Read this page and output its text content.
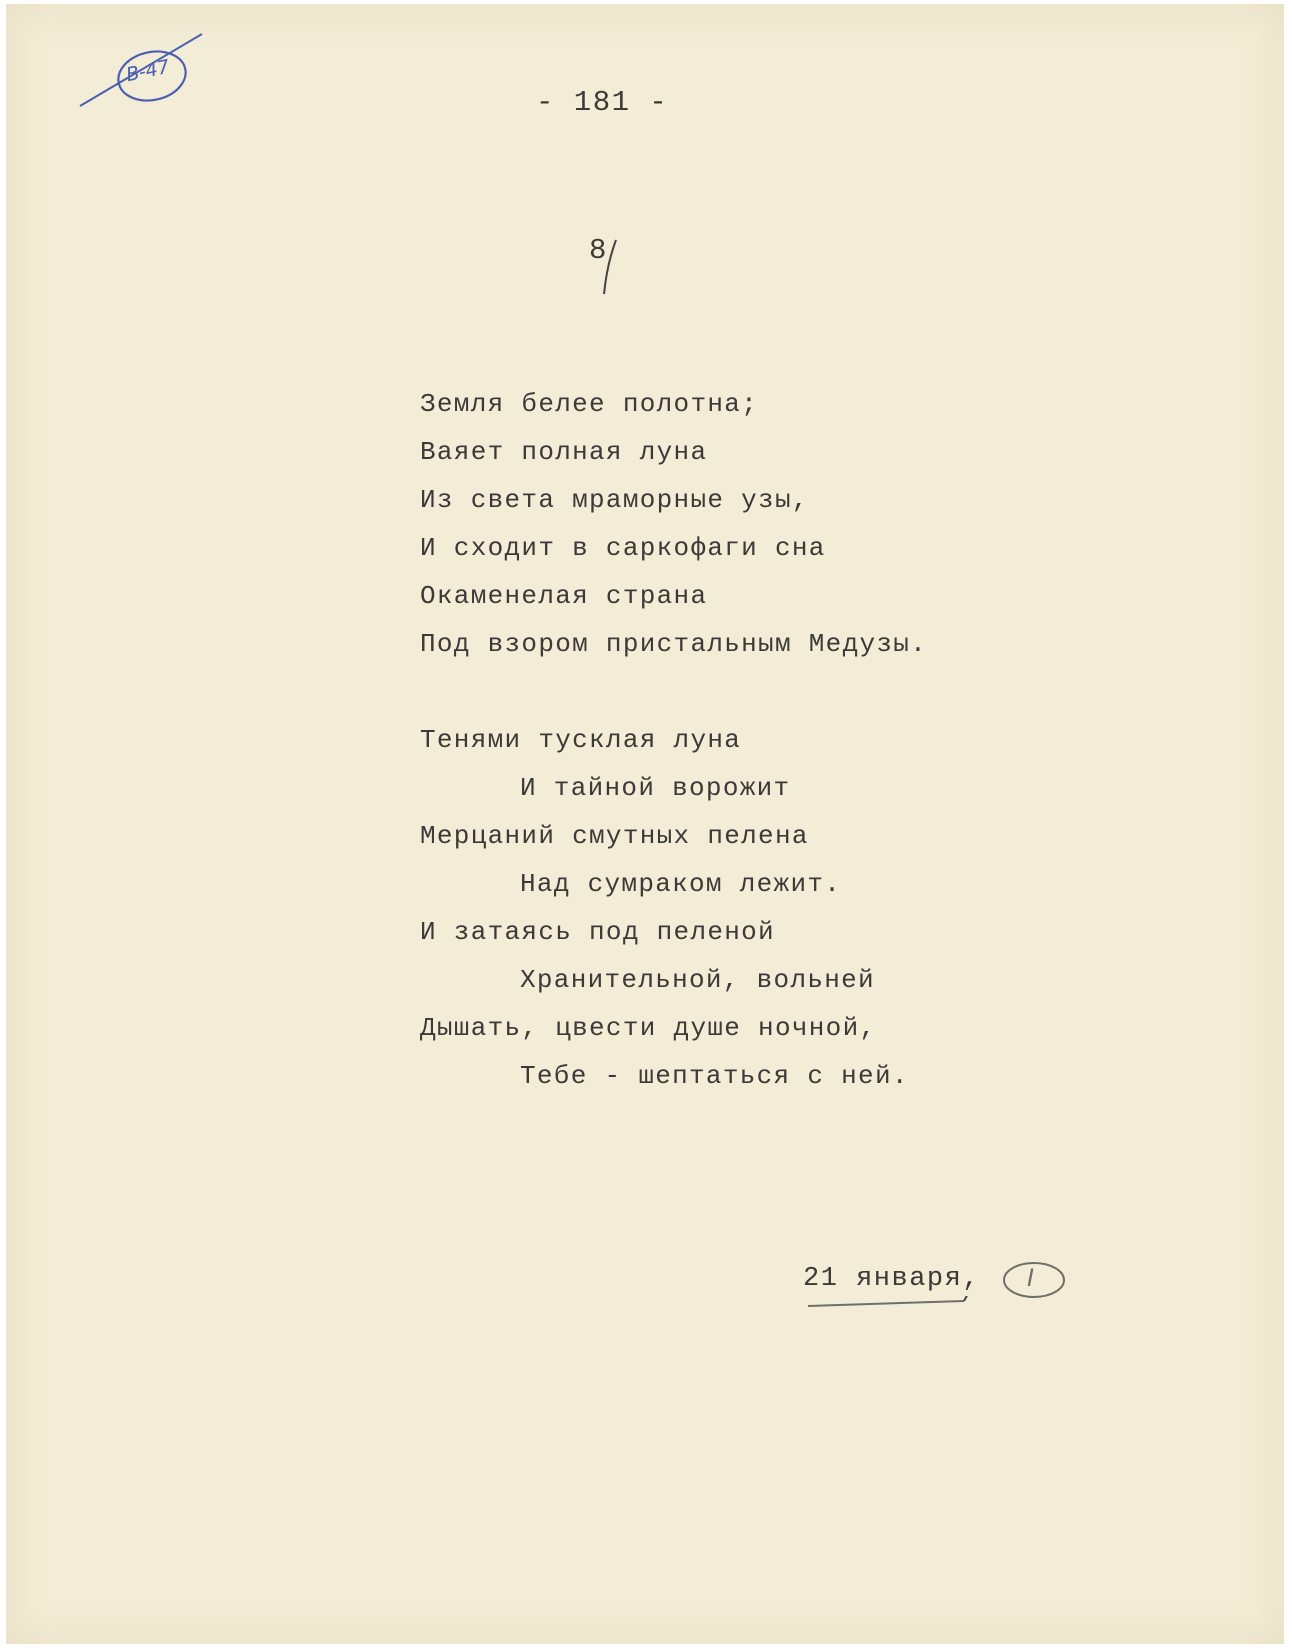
B-47
- 181 -
8
Земля белее полотна;
Ваяет полная луна
Из света мраморные узы,
И сходит в саркофаги сна
Окаменелая страна
Под взором пристальным Медузы.
Тенями тусклая луна
И тайной ворожит
Мерцаний смутных пелена
Над сумраком лежит.
И затаясь под пеленой
Хранительной, вольней
Дышать, цвести душе ночной,
Тебе - шептаться с ней.
21 января, I
